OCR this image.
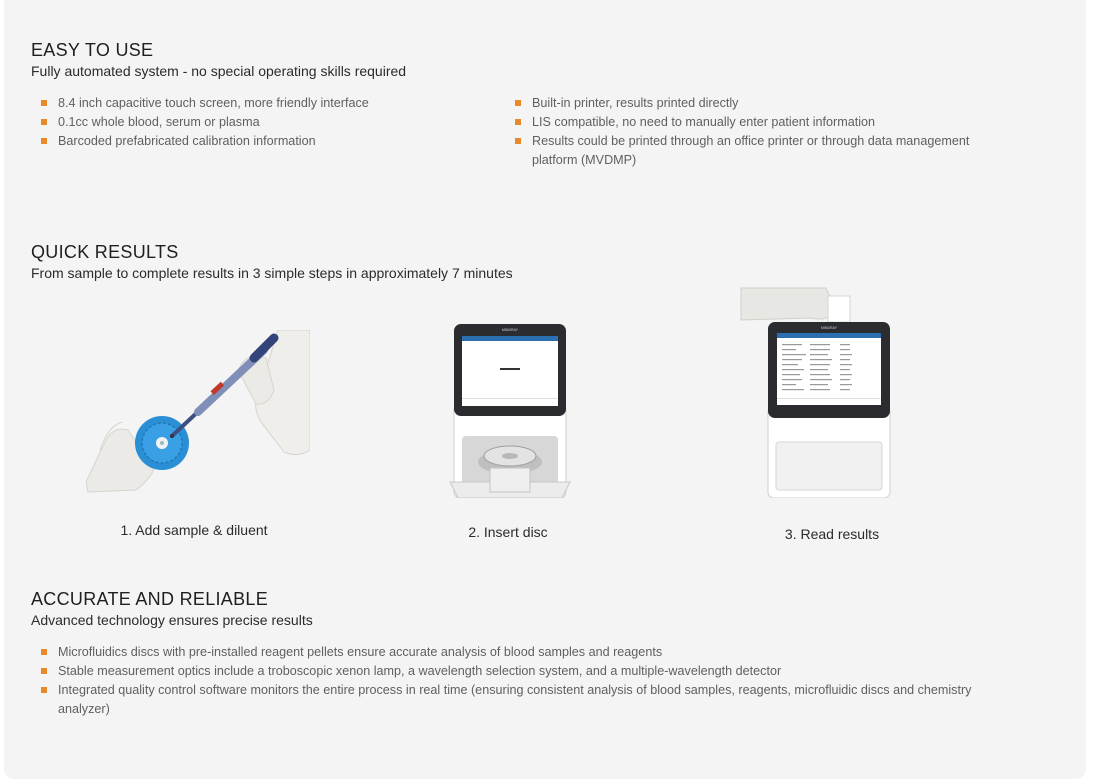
EASY TO USE

Fully automated system - no special operating skills required

8.4 inch capacitive touch screen, more friendly interface
0.1cc whole blood, serum or plasma
Barcoded prefabricated calibration information
Built-in printer, results printed directly
LIS compatible, no need to manually enter patient information
Results could be printed through an office printer or through data management platform (MVDMP)
QUICK RESULTS

From sample to complete results in 3 simple steps in approximately 7 minutes

1. Add sample & diluent
MINDRAY
2. Insert disc
MINDRAY
3. Read results
ACCURATE AND RELIABLE

Advanced technology ensures precise results

Microfluidics discs with pre-installed reagent pellets ensure accurate analysis of blood samples and reagents
Stable measurement optics include a troboscopic xenon lamp, a wavelength selection system, and a multiple-wavelength detector
Integrated quality control software monitors the entire process in real time (ensuring consistent analysis of blood samples, reagents, microfluidic discs and chemistry analyzer)
